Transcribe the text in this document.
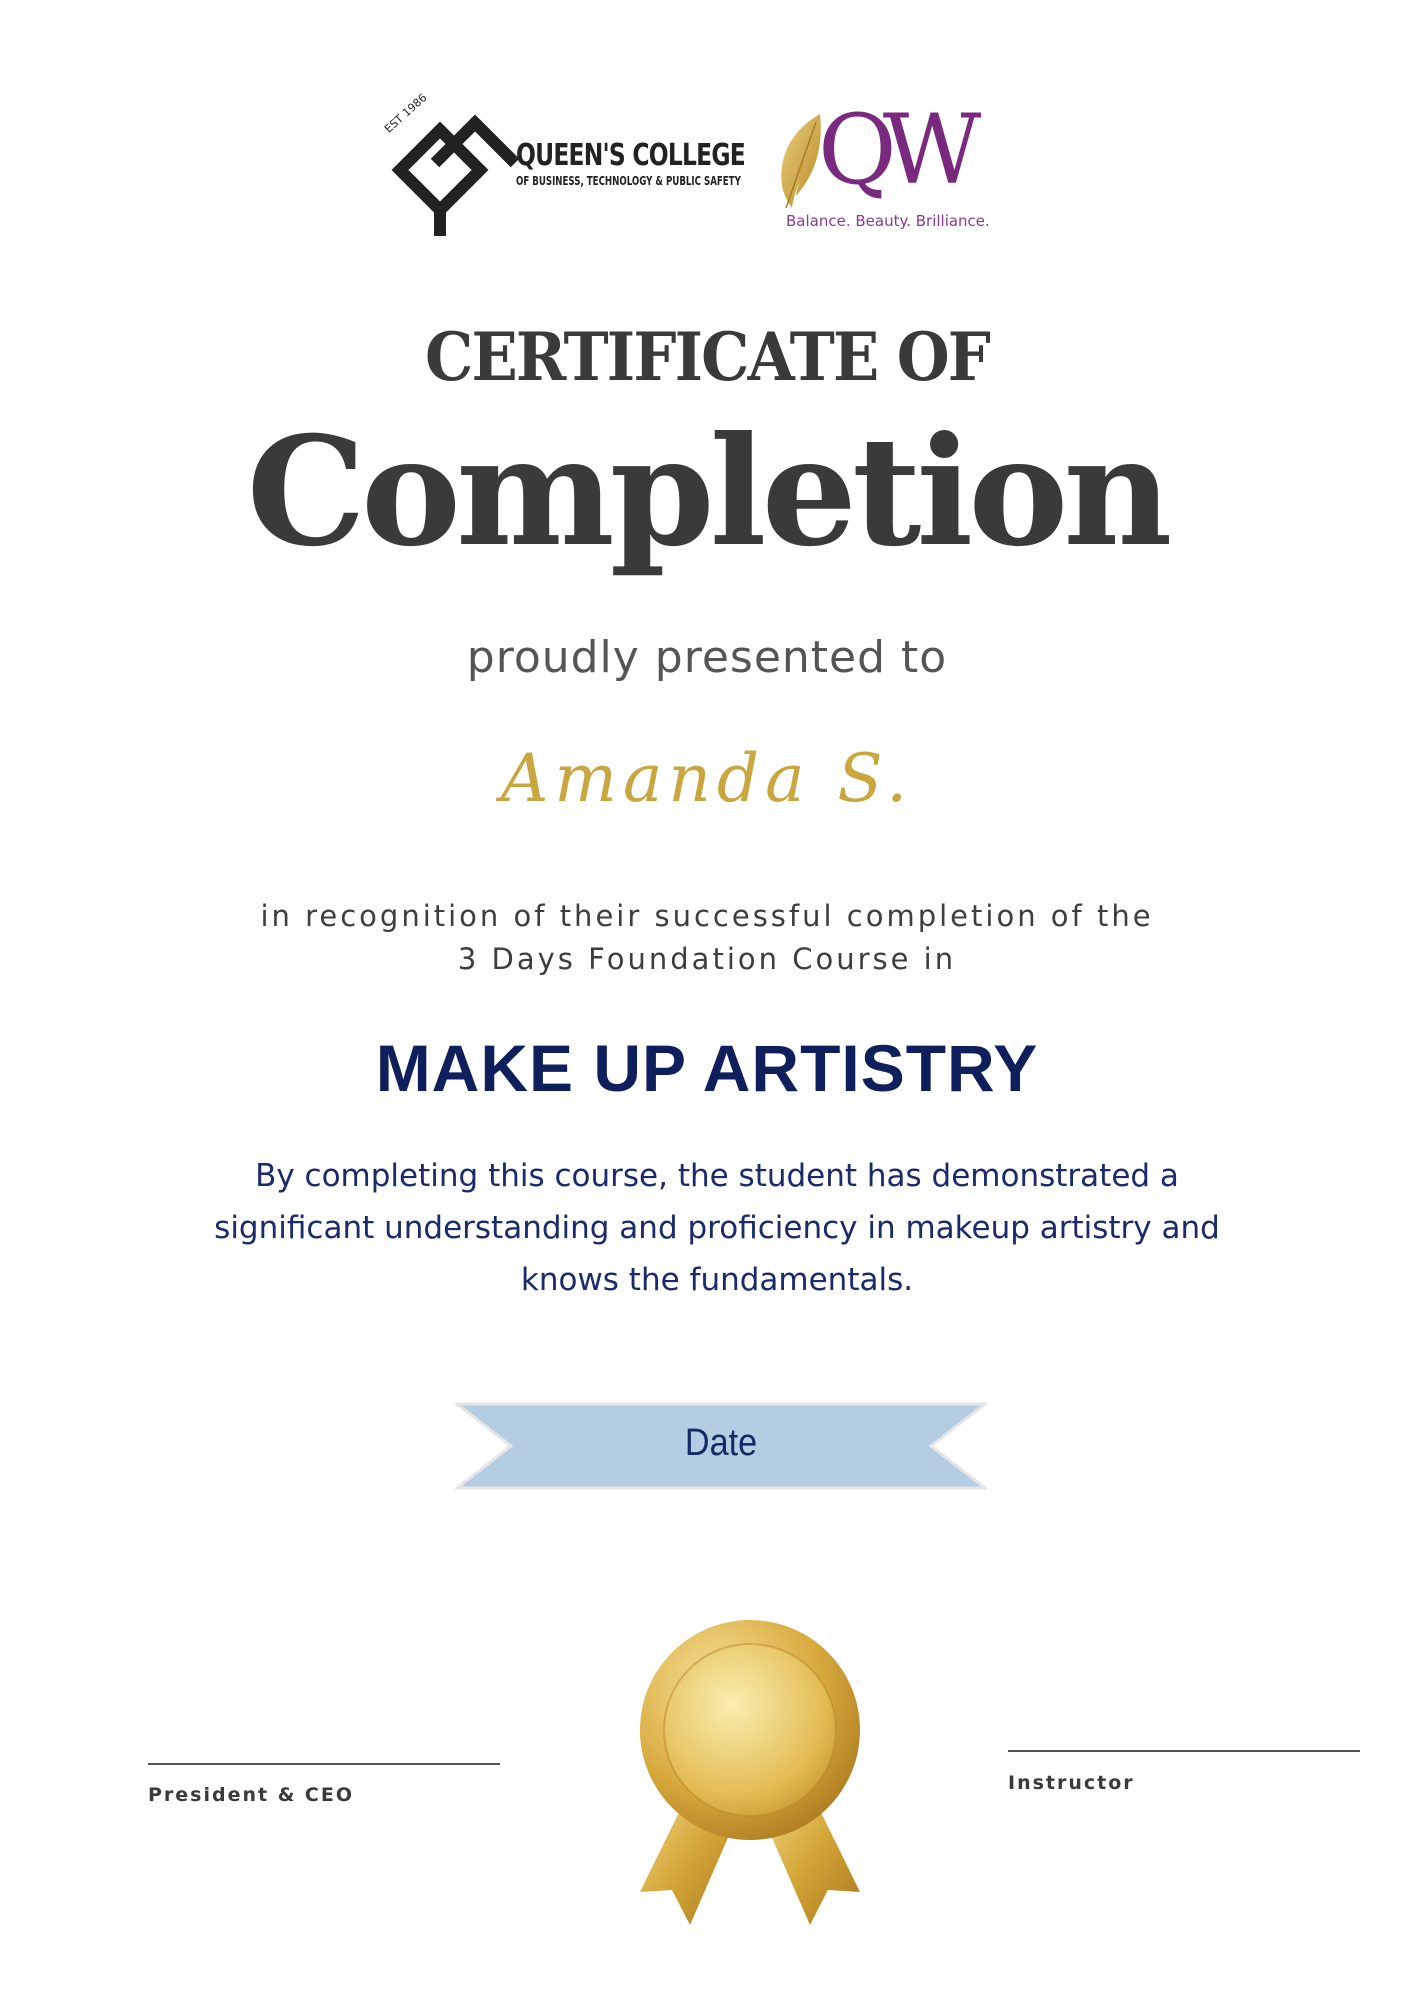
EST 1986
QUEEN'S COLLEGE
OF BUSINESS, TECHNOLOGY & PUBLIC SAFETY QW
Balance. Beauty. Brilliance.
CERTIFICATE OF
Completion
proudly presented to
Amanda S.
in recognition of their successful completion of the
3 Days Foundation Course in
MAKE UP ARTISTRY
By completing this course, the student has demonstrated a significant understanding and proficiency in makeup artistry and knows the fundamentals.
Date
President & CEO
Instructor
